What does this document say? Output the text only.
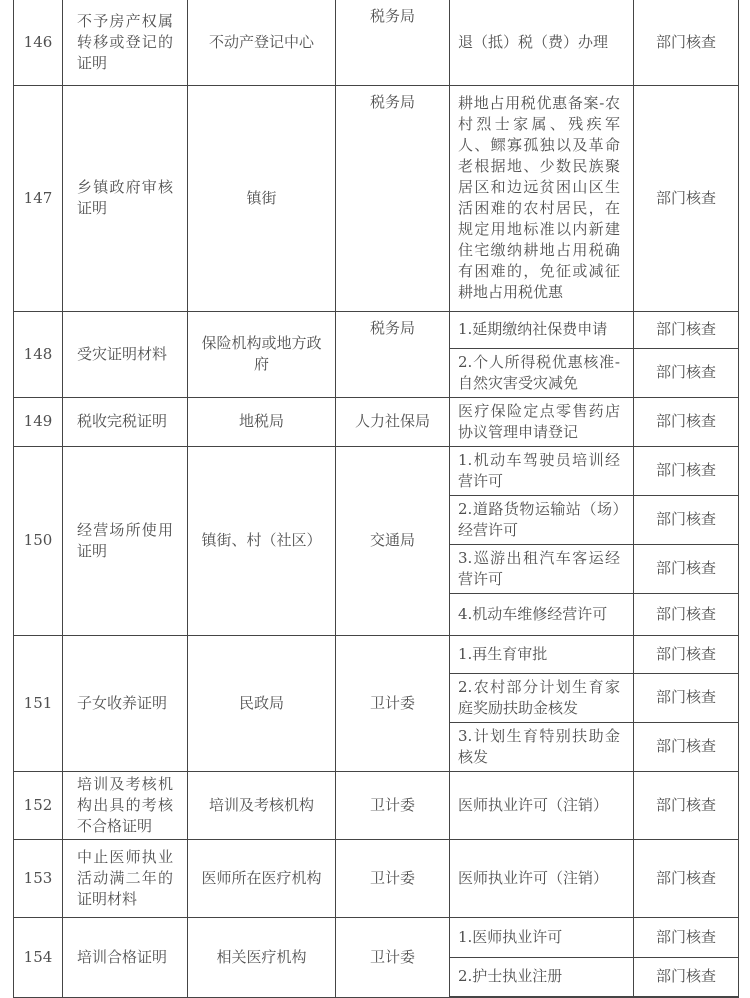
146	不予房产权属转移或登记的证明	不动产登记中心	税务局	退（抵）税（费）办理	部门核查
147	乡镇政府审核证明	镇街	税务局	耕地占用税优惠备案-农村烈士家属、残疾军人、鳏寡孤独以及革命老根据地、少数民族聚居区和边远贫困山区生活困难的农村居民，在规定用地标准以内新建住宅缴纳耕地占用税确有困难的，免征或减征耕地占用税优惠	部门核查
148	受灾证明材料	保险机构或地方政府	税务局	1.延期缴纳社保费申请	部门核查
				2.个人所得税优惠核准-自然灾害受灾减免	部门核查
149	税收完税证明	地税局	人力社保局	医疗保险定点零售药店协议管理申请登记	部门核查
150	经营场所使用证明	镇街、村（社区）	交通局	1.机动车驾驶员培训经营许可	部门核查
				2.道路货物运输站（场）经营许可	部门核查
				3.巡游出租汽车客运经营许可	部门核查
				4.机动车维修经营许可	部门核查
151	子女收养证明	民政局	卫计委	1.再生育审批	部门核查
				2.农村部分计划生育家庭奖励扶助金核发	部门核查
				3.计划生育特别扶助金核发	部门核查
152	培训及考核机构出具的考核不合格证明	培训及考核机构	卫计委	医师执业许可（注销）	部门核查
153	中止医师执业活动满二年的证明材料	医师所在医疗机构	卫计委	医师执业许可（注销）	部门核查
154	培训合格证明	相关医疗机构	卫计委	1.医师执业许可	部门核查
				2.护士执业注册	部门核查
